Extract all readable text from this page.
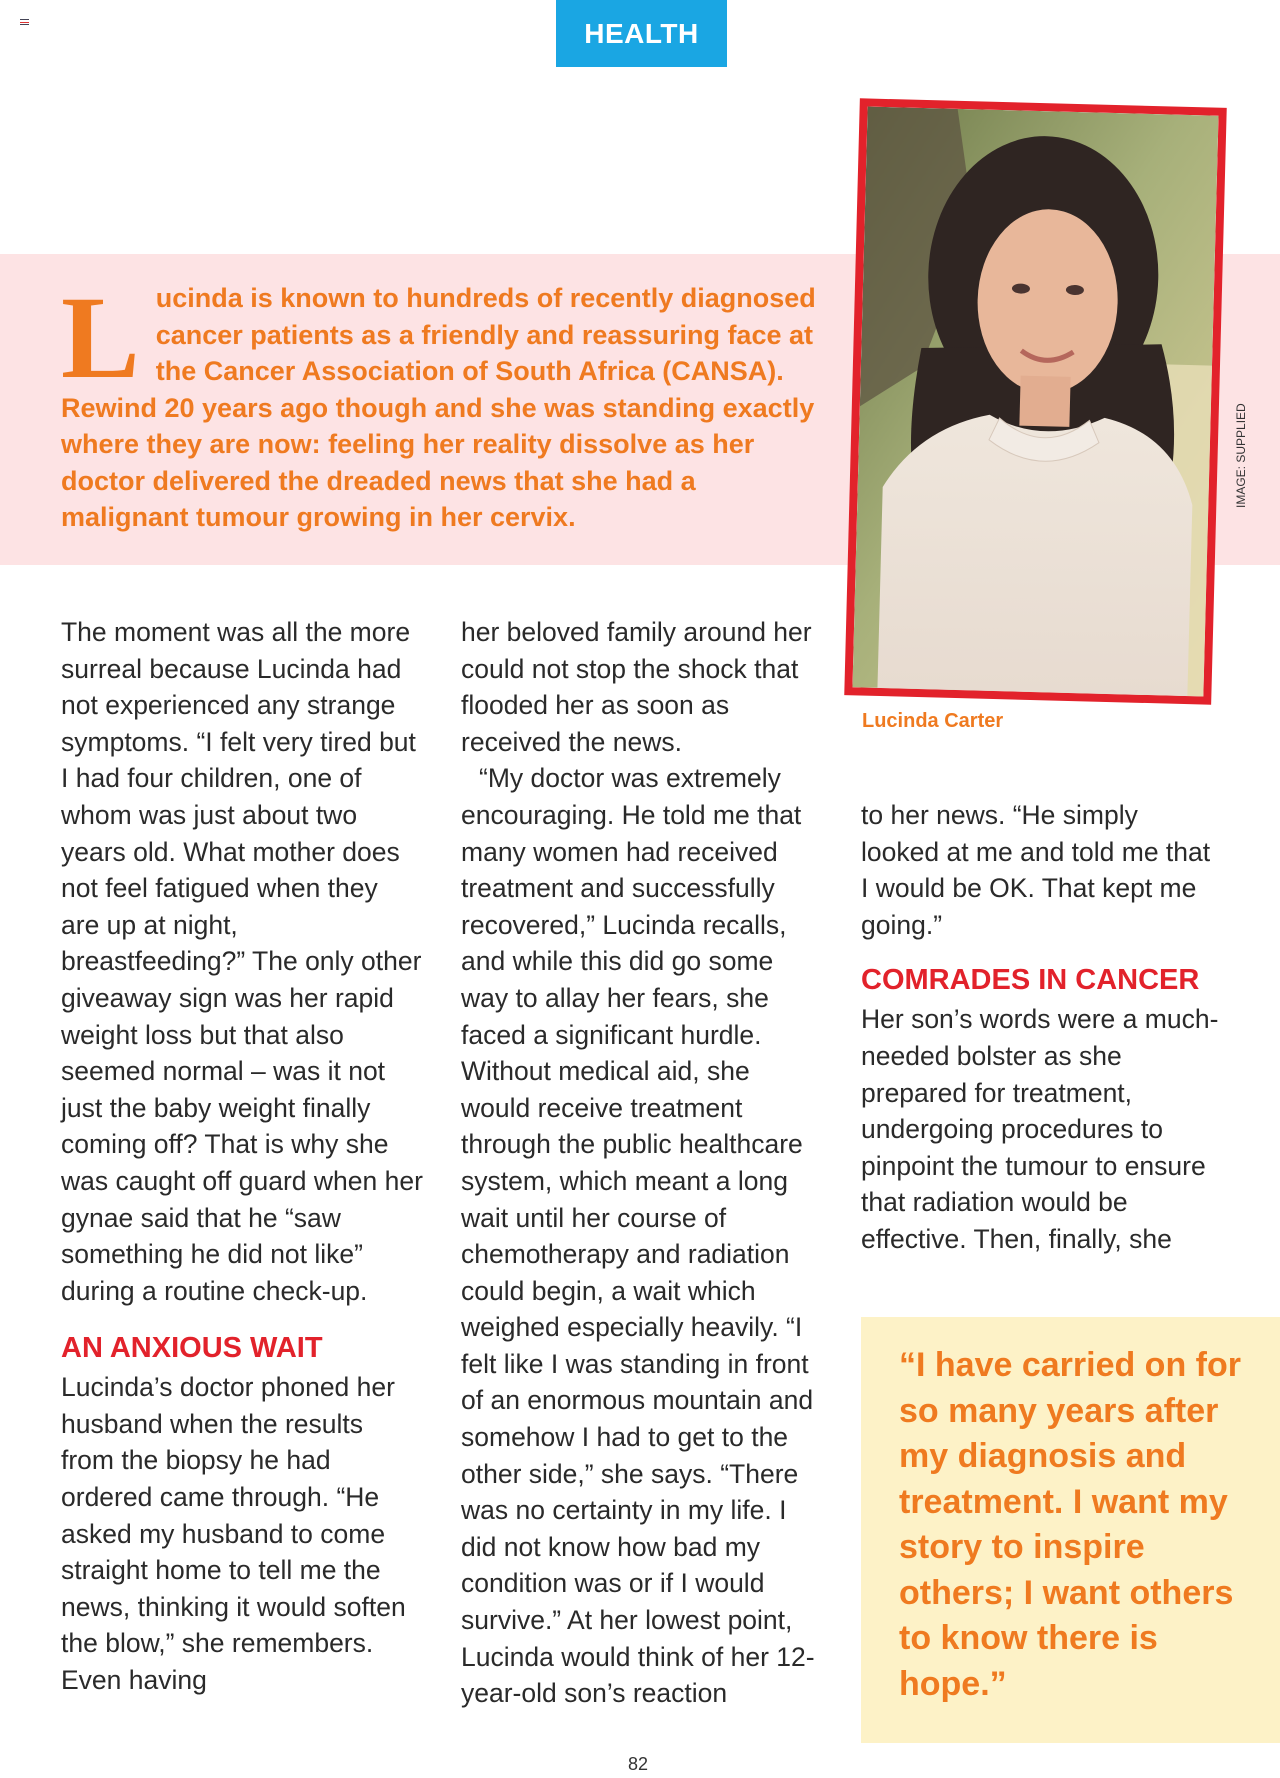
HEALTH
Lucinda is known to hundreds of recently diagnosed cancer patients as a friendly and reassuring face at the Cancer Association of South Africa (CANSA). Rewind 20 years ago though and she was standing exactly where they are now: feeling her reality dissolve as her doctor delivered the dreaded news that she had a malignant tumour growing in her cervix.
IMAGE: SUPPLIED
Lucinda Carter

The moment was all the more surreal because Lucinda had not experienced any strange symptoms. “I felt very tired but I had four children, one of whom was just about two years old. What mother does not feel fatigued when they are up at night, breastfeeding?” The only other giveaway sign was her rapid weight loss but that also seemed normal – was it not just the baby weight finally coming off? That is why she was caught off guard when her gynae said that he “saw something he did not like” during a routine check-up.

AN ANXIOUS WAIT

Lucinda’s doctor phoned her husband when the results from the biopsy he had ordered came through. “He asked my husband to come straight home to tell me the news, thinking it would soften the blow,” she remembers. Even having

her beloved family around her could not stop the shock that flooded her as soon as received the news.

“My doctor was extremely encouraging. He told me that many women had received treatment and successfully recovered,” Lucinda recalls, and while this did go some way to allay her fears, she faced a significant hurdle. Without medical aid, she would receive treatment through the public healthcare system, which meant a long wait until her course of chemotherapy and radiation could begin, a wait which weighed especially heavily. “I felt like I was standing in front of an enormous mountain and somehow I had to get to the other side,” she says. “There was no certainty in my life. I did not know how bad my condition was or if I would survive.” At her lowest point, Lucinda would think of her 12-year-old son’s reaction

to her news. “He simply looked at me and told me that I would be OK. That kept me going.”

COMRADES IN CANCER

Her son’s words were a much-needed bolster as she prepared for treatment, undergoing procedures to pinpoint the tumour to ensure that radiation would be effective. Then, finally, she

“I have carried on for so many years after my diagnosis and treatment. I want my story to inspire others; I want others to know there is hope.”
82
